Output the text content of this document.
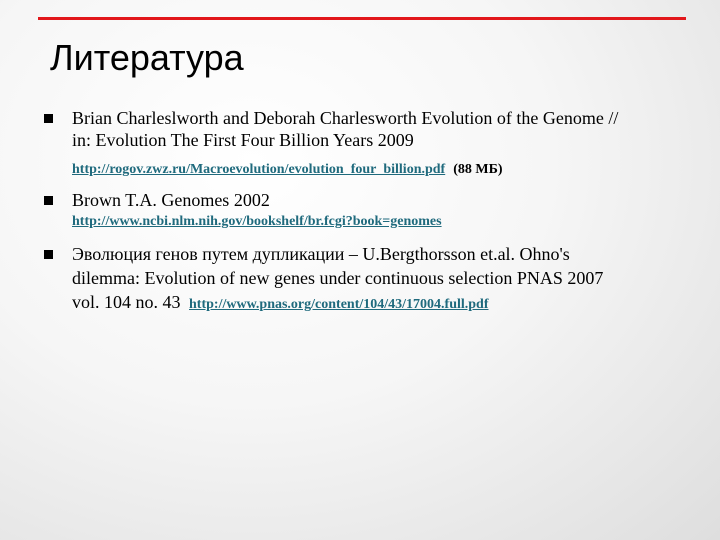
Литература
Brian Charleslworth and Deborah Charlesworth Evolution of the Genome //
in: Evolution The First Four Billion Years 2009
http://rogov.zwz.ru/Macroevolution/evolution_four_billion.pdf (88 МБ)
Brown T.A. Genomes 2002
http://www.ncbi.nlm.nih.gov/bookshelf/br.fcgi?book=genomes
Эволюция генов путем дупликации – U.Bergthorsson et.al. Ohno's
dilemma: Evolution of new genes under continuous selection PNAS 2007
vol. 104 no. 43 http://www.pnas.org/content/104/43/17004.full.pdf
